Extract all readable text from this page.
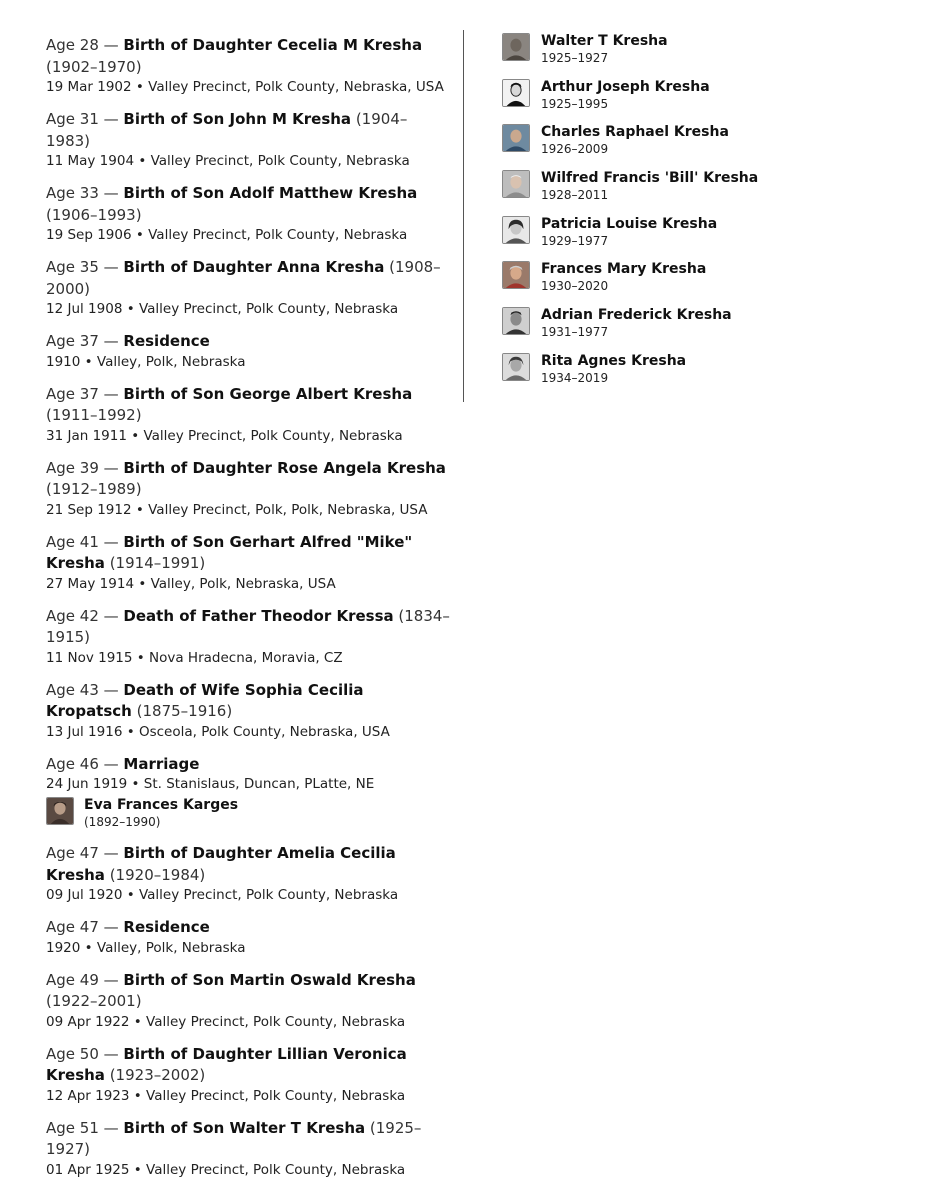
Age 28 — Birth of Daughter Cecelia M Kresha (1902–1970)
19 Mar 1902 • Valley Precinct, Polk County, Nebraska, USA
Age 31 — Birth of Son John M Kresha (1904–1983)
11 May 1904 • Valley Precinct, Polk County, Nebraska
Age 33 — Birth of Son Adolf Matthew Kresha (1906–1993)
19 Sep 1906 • Valley Precinct, Polk County, Nebraska
Age 35 — Birth of Daughter Anna Kresha (1908–2000)
12 Jul 1908 • Valley Precinct, Polk County, Nebraska
Age 37 — Residence
1910 • Valley, Polk, Nebraska
Age 37 — Birth of Son George Albert Kresha (1911–1992)
31 Jan 1911 • Valley Precinct, Polk County, Nebraska
Age 39 — Birth of Daughter Rose Angela Kresha (1912–1989)
21 Sep 1912 • Valley Precinct, Polk, Polk, Nebraska, USA
Age 41 — Birth of Son Gerhart Alfred "Mike" Kresha (1914–1991)
27 May 1914 • Valley, Polk, Nebraska, USA
Age 42 — Death of Father Theodor Kressa (1834–1915)
11 Nov 1915 • Nova Hradecna, Moravia, CZ
Age 43 — Death of Wife Sophia Cecilia Kropatsch (1875–1916)
13 Jul 1916 • Osceola, Polk County, Nebraska, USA
Age 46 — Marriage
24 Jun 1919 • St. Stanislaus, Duncan, PLatte, NE
Eva Frances Karges
(1892–1990)
Age 47 — Birth of Daughter Amelia Cecilia Kresha (1920–1984)
09 Jul 1920 • Valley Precinct, Polk County, Nebraska
Age 47 — Residence
1920 • Valley, Polk, Nebraska
Age 49 — Birth of Son Martin Oswald Kresha (1922–2001)
09 Apr 1922 • Valley Precinct, Polk County, Nebraska
Age 50 — Birth of Daughter Lillian Veronica Kresha (1923–2002)
12 Apr 1923 • Valley Precinct, Polk County, Nebraska
Age 51 — Birth of Son Walter T Kresha (1925–1927)
01 Apr 1925 • Valley Precinct, Polk County, Nebraska
Walter T Kresha
1925–1927
Arthur Joseph Kresha
1925–1995
Charles Raphael Kresha
1926–2009
Wilfred Francis 'Bill' Kresha
1928–2011
Patricia Louise Kresha
1929–1977
Frances Mary Kresha
1930–2020
Adrian Frederick Kresha
1931–1977
Rita Agnes Kresha
1934–2019
